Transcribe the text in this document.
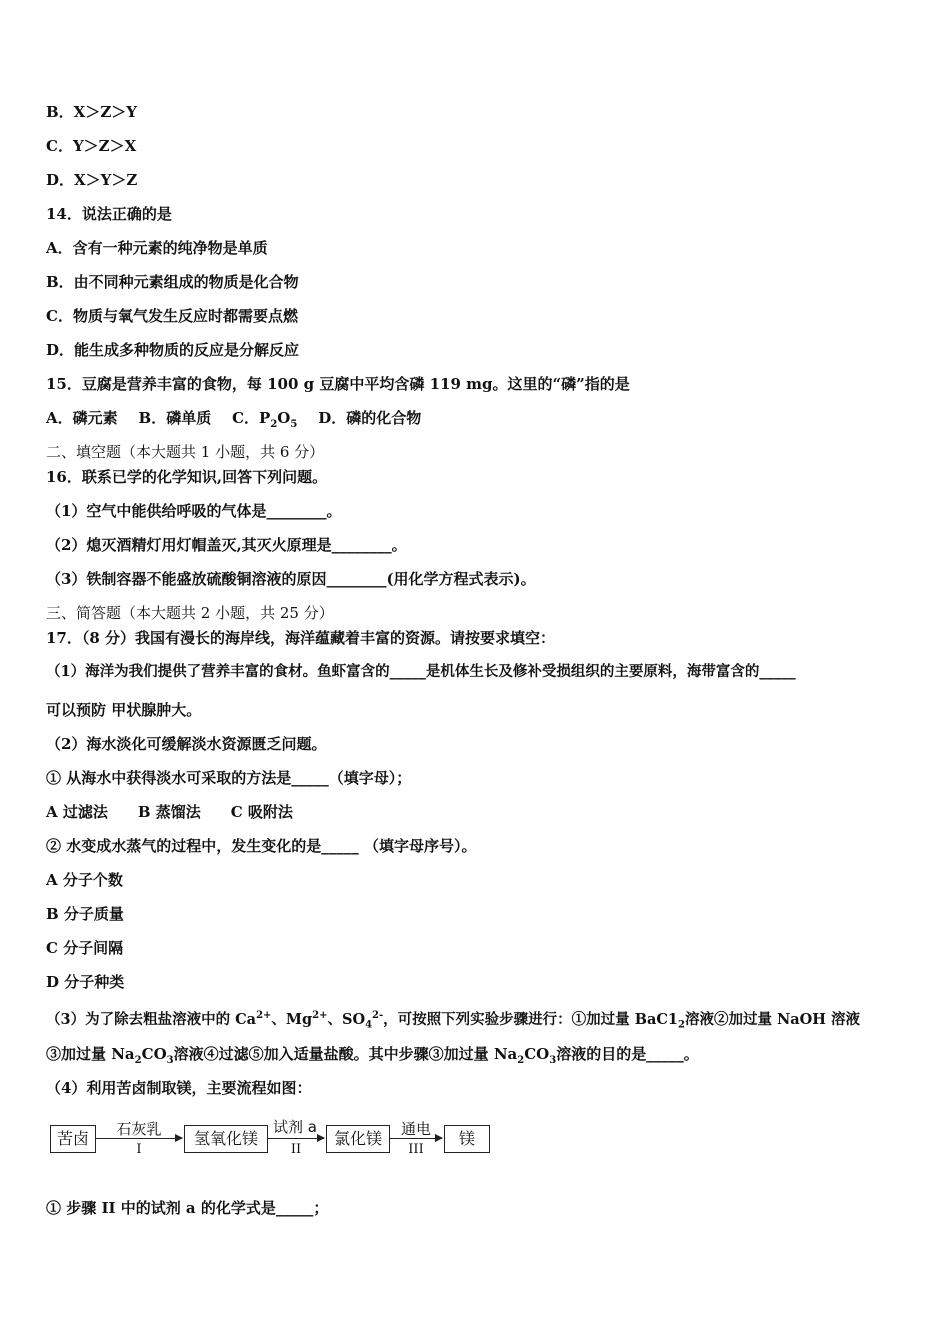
B．X＞Z＞Y
C．Y＞Z＞X
D．X＞Y＞Z
14．说法正确的是
A．含有一种元素的纯净物是单质
B．由不同种元素组成的物质是化合物
C．物质与氧气发生反应时都需要点燃
D．能生成多种物质的反应是分解反应
15．豆腐是营养丰富的食物，每 100 g 豆腐中平均含磷 119 mg。这里的“磷”指的是
A．磷元素 B．磷单质 C．$P_2O_5$ D．磷的化合物
二、填空题（本大题共 1 小题，共 6 分）
16．联系已学的化学知识,回答下列问题。
（1）空气中能供给呼吸的气体是________。
（2）熄灭酒精灯用灯帽盖灭,其灭火原理是________。
（3）铁制容器不能盛放硫酸铜溶液的原因________(用化学方程式表示)。
三、简答题（本大题共 2 小题，共 25 分）
17．（8 分）我国有漫长的海岸线，海洋蕴藏着丰富的资源。请按要求填空：
（1）海洋为我们提供了营养丰富的食材。鱼虾富含的_____是机体生长及修补受损组织的主要原料，海带富含的_____
可以预防 甲状腺肿大。
（2）海水淡化可缓解淡水资源匮乏问题。
① 从海水中获得淡水可采取的方法是_____（填字母）；
A 过滤法　　B 蒸馏法　　C 吸附法
② 水变成水蒸气的过程中，发生变化的是_____ （填字母序号）。
A 分子个数
B 分子质量
C 分子间隔
D 分子种类
（3）为了除去粗盐溶液中的 $Ca^{2+}$、$Mg^{2+}$、$SO_4^{2-}$，可按照下列实验步骤进行：①加过量 $BaC1_2$溶液②加过量 NaOH 溶液
③加过量 $Na_2CO_3$溶液④过滤⑤加入适量盐酸。其中步骤③加过量 $Na_2CO_3$溶液的目的是_____。
（4）利用苦卤制取镁，主要流程如图：
苦卤	石灰乳
I
氢氧化镁
试剂 a
II
氯化镁	通电
III
镁
① 步骤 II 中的试剂 a 的化学式是_____；
